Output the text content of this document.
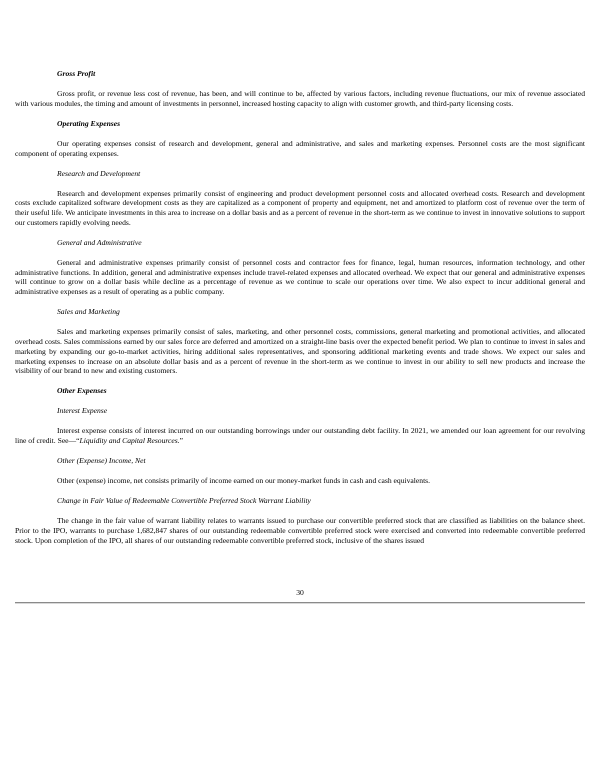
Gross Profit

Gross profit, or revenue less cost of revenue, has been, and will continue to be, affected by various factors, including revenue fluctuations, our mix of revenue associated with various modules, the timing and amount of investments in personnel, increased hosting capacity to align with customer growth, and third-party licensing costs.

Operating Expenses

Our operating expenses consist of research and development, general and administrative, and sales and marketing expenses. Personnel costs are the most significant component of operating expenses.

Research and Development

Research and development expenses primarily consist of engineering and product development personnel costs and allocated overhead costs. Research and development costs exclude capitalized software development costs as they are capitalized as a component of property and equipment, net and amortized to platform cost of revenue over the term of their useful life. We anticipate investments in this area to increase on a dollar basis and as a percent of revenue in the short-term as we continue to invest in innovative solutions to support our customers rapidly evolving needs.

General and Administrative

General and administrative expenses primarily consist of personnel costs and contractor fees for finance, legal, human resources, information technology, and other administrative functions. In addition, general and administrative expenses include travel-related expenses and allocated overhead. We expect that our general and administrative expenses will continue to grow on a dollar basis while decline as a percentage of revenue as we continue to scale our operations over time. We also expect to incur additional general and administrative expenses as a result of operating as a public company.

Sales and Marketing

Sales and marketing expenses primarily consist of sales, marketing, and other personnel costs, commissions, general marketing and promotional activities, and allocated overhead costs. Sales commissions earned by our sales force are deferred and amortized on a straight-line basis over the expected benefit period. We plan to continue to invest in sales and marketing by expanding our go-to-market activities, hiring additional sales representatives, and sponsoring additional marketing events and trade shows. We expect our sales and marketing expenses to increase on an absolute dollar basis and as a percent of revenue in the short-term as we continue to invest in our ability to sell new products and increase the visibility of our brand to new and existing customers.

Other Expenses
Interest Expense

Interest expense consists of interest incurred on our outstanding borrowings under our outstanding debt facility. In 2021, we amended our loan agreement for our revolving line of credit. See—“Liquidity and Capital Resources.”

Other (Expense) Income, Net

Other (expense) income, net consists primarily of income earned on our money-market funds in cash and cash equivalents.

Change in Fair Value of Redeemable Convertible Preferred Stock Warrant Liability

The change in the fair value of warrant liability relates to warrants issued to purchase our convertible preferred stock that are classified as liabilities on the balance sheet. Prior to the IPO, warrants to purchase 1,682,847 shares of our outstanding redeemable convertible preferred stock were exercised and converted into redeemable convertible preferred stock. Upon completion of the IPO, all shares of our outstanding redeemable convertible preferred stock, inclusive of the shares issued

30
